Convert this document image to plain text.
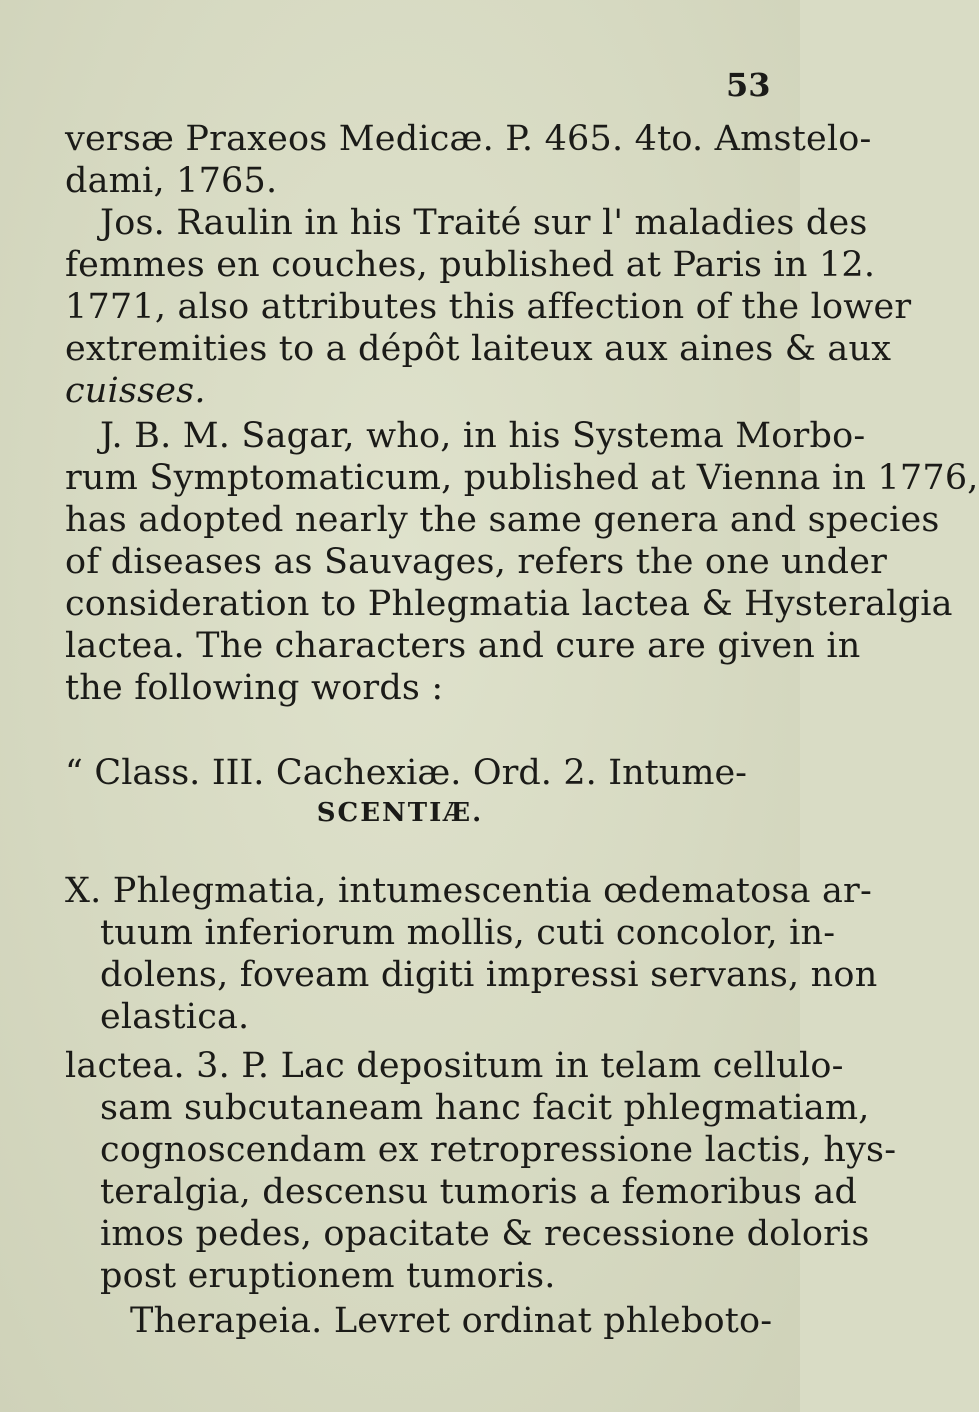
53
versæ Praxeos Medicæ. P. 465. 4to. Amstelo-
dami, 1765.
Jos. Raulin in his Traité sur l' maladies des
femmes en couches, published at Paris in 12.
1771, also attributes this affection of the lower
extremities to a dépôt laiteux aux aines & aux
cuisses.
J. B. M. Sagar, who, in his Systema Morbo-
rum Symptomaticum, published at Vienna in 1776,
has adopted nearly the same genera and species
of diseases as Sauvages, refers the one under
consideration to Phlegmatia lactea & Hysteralgia
lactea. The characters and cure are given in
the following words :
“ Class. III. Cachexiæ. Ord. 2. Intume-
SCENTIÆ.
X. Phlegmatia, intumescentia œdematosa ar-
tuum inferiorum mollis, cuti concolor, in-
dolens, foveam digiti impressi servans, non
elastica.
lactea. 3. P. Lac depositum in telam cellulo-
sam subcutaneam hanc facit phlegmatiam,
cognoscendam ex retropressione lactis, hys-
teralgia, descensu tumoris a femoribus ad
imos pedes, opacitate & recessione doloris
post eruptionem tumoris.
Therapeia. Levret ordinat phleboto-
